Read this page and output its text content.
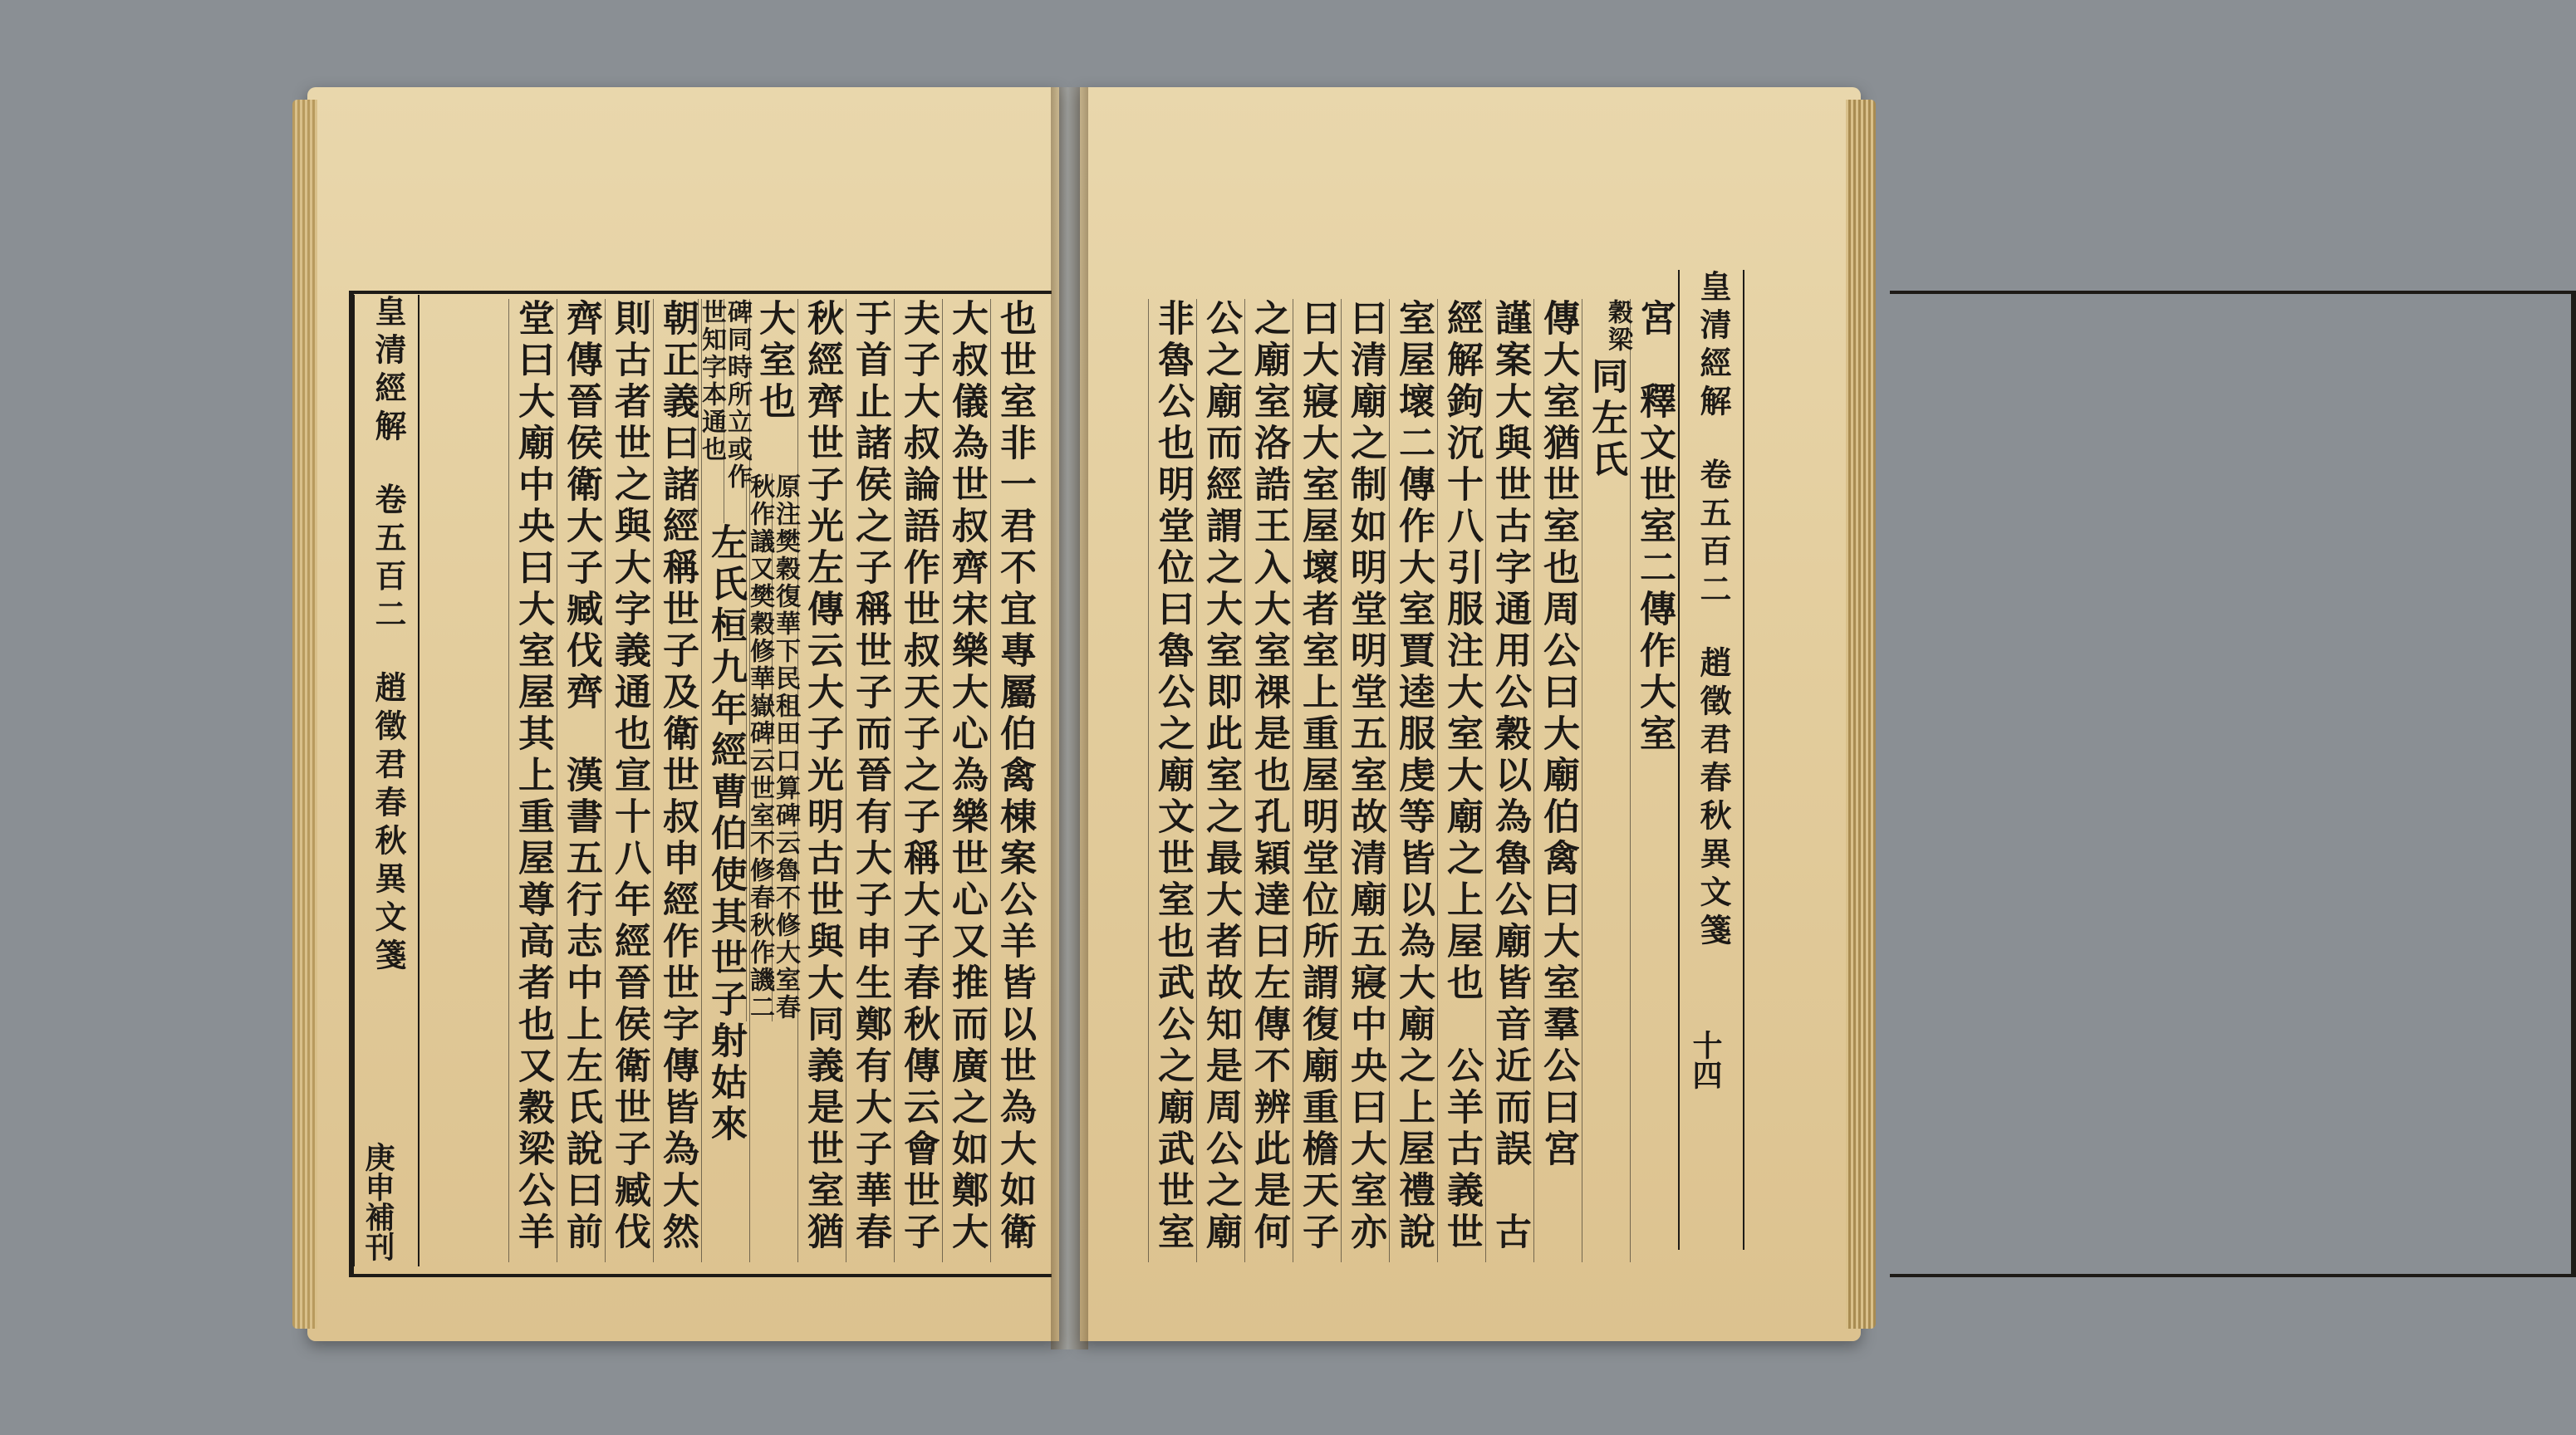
皇清經解  卷五百二  趙徵君春秋異文箋
庚申補刊	也世室非一君不宜專屬伯禽棟案公羊皆以世為大如衛
大叔儀為世叔齊宋樂大心為樂世心又推而廣之如鄭大
夫子大叔論語作世叔天子之子稱大子春秋傳云會世子
于首止諸侯之子稱世子而晉有大子申生鄭有大子華春
秋經齊世子光左傳云大子光明古世與大同義是世室猶
大室也
原注樊穀復華下民租田口算碑云魯不修大室春
秋作議又樊穀修華嶽碑云世室不修春秋作譏二
碑同時所立或作
世知字本通也
左氏桓九年經曹伯使其世子射姑來
朝正義曰諸經稱世子及衛世叔申經作世字傳皆為大然
則古者世之與大字義通也宣十八年經晉侯衛世子臧伐
齊傳晉侯衛大子臧伐齊　漢書五行志中上左氏說曰前
堂曰大廟中央曰大室屋其上重屋尊高者也又穀梁公羊	皇清經解  卷五百二  趙徵君春秋異文箋
十四
宮　釋文世室二傳作大室
穀梁
同左氏
傳大室猶世室也周公曰大廟伯禽曰大室羣公曰宮
謹案大與世古字通用公穀以為魯公廟皆音近而誤　古
經解鉤沉十八引服注大室大廟之上屋也　公羊古義世
室屋壞二傳作大室賈逵服虔等皆以為大廟之上屋禮說
曰清廟之制如明堂明堂五室故清廟五寢中央曰大室亦
曰大寢大室屋壞者室上重屋明堂位所謂復廟重檐天子
之廟室洛誥王入大室祼是也孔穎達曰左傳不辨此是何
公之廟而經謂之大室即此室之最大者故知是周公之廟
非魯公也明堂位曰魯公之廟文世室也武公之廟武世室
